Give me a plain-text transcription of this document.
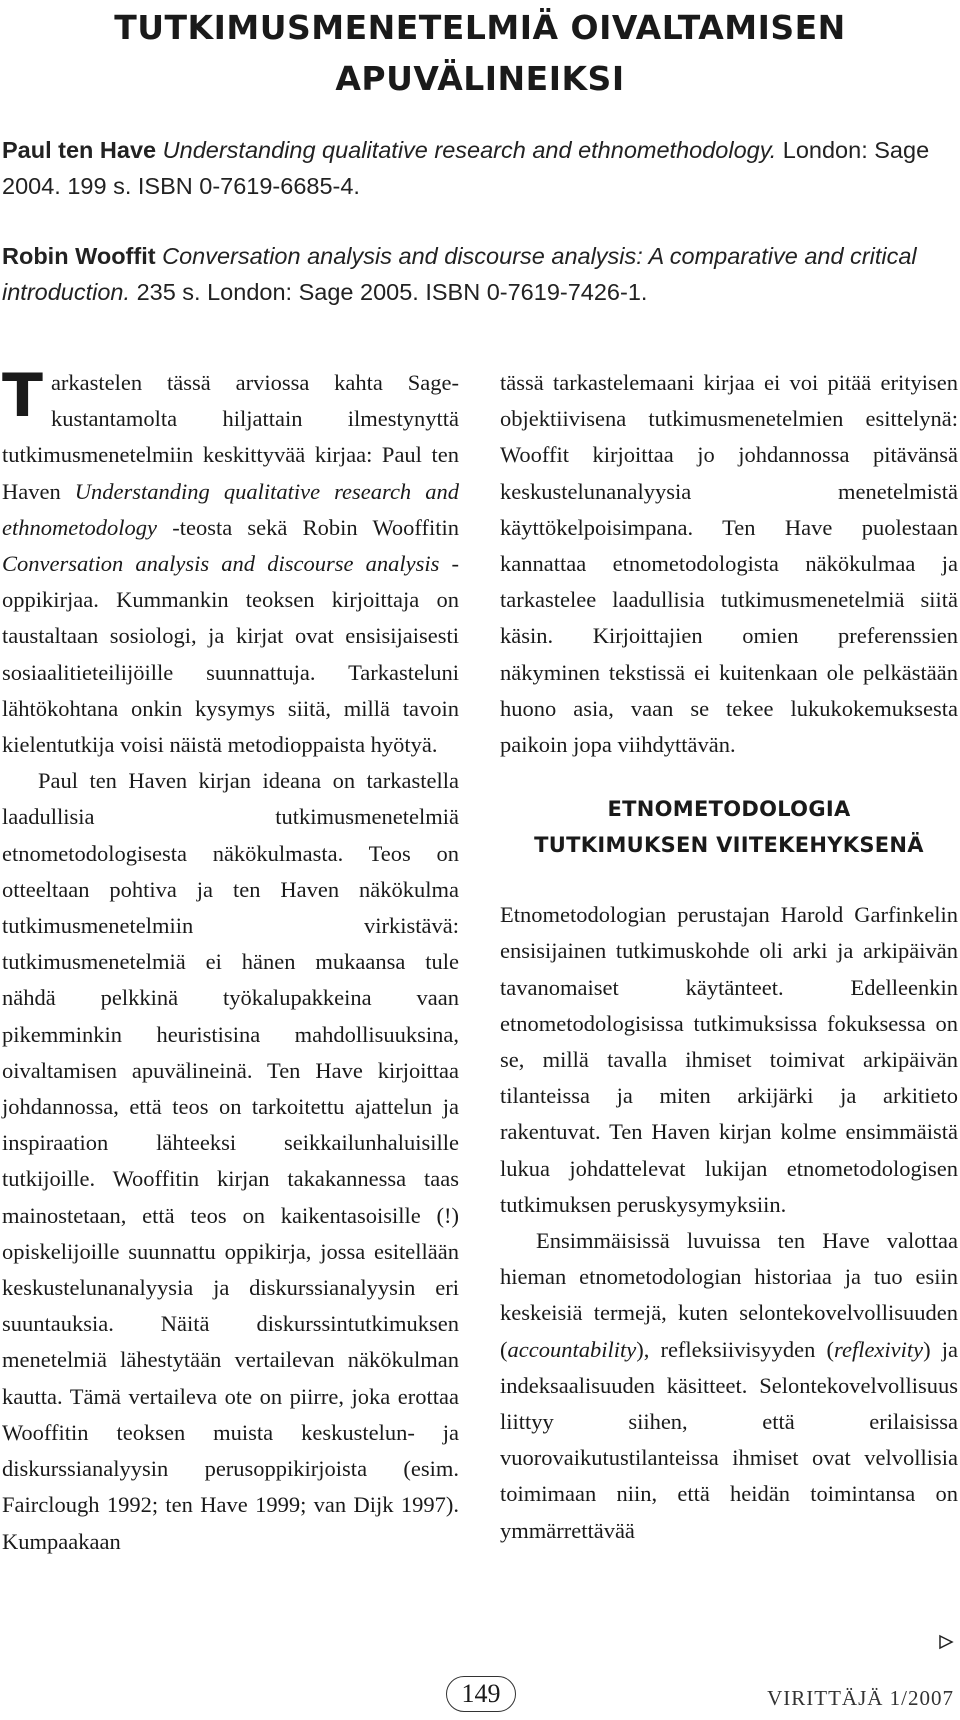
TUTKIMUSMENETELMIÄ OIVALTAMISEN
APUVÄLINEIKSI
Paul ten Have Understanding qualitative research and ethnomethodology. London: Sage 2004. 199 s. ISBN 0-7619-6685-4.
Robin Wooffit Conversation analysis and discourse analysis: A comparative and critical introduction. 235 s. London: Sage 2005. ISBN 0-7619-7426-1.

Tarkastelen tässä arviossa kahta Sage-kustantamolta hiljattain ilmestynyttä tutkimusmenetelmiin keskittyvää kirjaa: Paul ten Haven Understanding qualitative research and ethnometodology -teosta sekä Robin Wooffitin Conversation analysis and discourse analysis -oppikirjaa. Kummankin teoksen kirjoittaja on taustaltaan sosiologi, ja kirjat ovat ensisijaisesti sosiaalitieteilijöille suunnattuja. Tarkasteluni lähtökohtana onkin kysymys siitä, millä tavoin kielentutkija voisi näistä metodioppaista hyötyä.

Paul ten Haven kirjan ideana on tarkastella laadullisia tutkimusmenetelmiä etnometodologisesta näkökulmasta. Teos on otteeltaan pohtiva ja ten Haven näkökulma tutkimusmenetelmiin virkistävä: tutkimusmenetelmiä ei hänen mukaansa tule nähdä pelkkinä työkalupakkeina vaan pikemminkin heuristisina mahdollisuuksina, oivaltamisen apuvälineinä. Ten Have kirjoittaa johdannossa, että teos on tarkoitettu ajattelun ja inspiraation lähteeksi seikkailunhaluisille tutkijoille. Wooffitin kirjan takakannessa taas mainostetaan, että teos on kaikentasoisille (!) opiskelijoille suunnattu oppikirja, jossa esitellään keskustelunanalyysia ja diskurssianalyysin eri suuntauksia. Näitä diskurssintutkimuksen menetelmiä lähestytään vertailevan näkökulman kautta. Tämä vertaileva ote on piirre, joka erottaa Wooffitin teoksen muista keskustelun- ja diskurssianalyysin perusoppikirjoista (esim. Fairclough 1992; ten Have 1999; van Dijk 1997). Kumpaakaan

tässä tarkastelemaani kirjaa ei voi pitää erityisen objektiivisena tutkimusmenetelmien esittelynä: Wooffit kirjoittaa jo johdannossa pitävänsä keskustelunanalyysia menetelmistä käyttökelpoisimpana. Ten Have puolestaan kannattaa etnometodologista näkökulmaa ja tarkastelee laadullisia tutkimusmenetelmiä siitä käsin. Kirjoittajien omien preferenssien näkyminen tekstissä ei kuitenkaan ole pelkästään huono asia, vaan se tekee lukukokemuksesta paikoin jopa viihdyttävän.

ETNOMETODOLOGIA
TUTKIMUKSEN VIITEKEHYKSENÄ

Etnometodologian perustajan Harold Garfinkelin ensisijainen tutkimuskohde oli arki ja arkipäivän tavanomaiset käytänteet. Edelleenkin etnometodologisissa tutkimuksissa fokuksessa on se, millä tavalla ihmiset toimivat arkipäivän tilanteissa ja miten arkijärki ja arkitieto rakentuvat. Ten Haven kirjan kolme ensimmäistä lukua johdattelevat lukijan etnometodologisen tutkimuksen peruskysymyksiin.

Ensimmäisissä luvuissa ten Have valottaa hieman etnometodologian historiaa ja tuo esiin keskeisiä termejä, kuten selontekovelvollisuuden (accountability), refleksiivisyyden (reflexivity) ja indeksaalisuuden käsitteet. Selontekovelvollisuus liittyy siihen, että erilaisissa vuorovaikutustilanteissa ihmiset ovat velvollisia toimimaan niin, että heidän toimintansa on ymmärrettävää

149	VIRITTÄJÄ 1/2007
